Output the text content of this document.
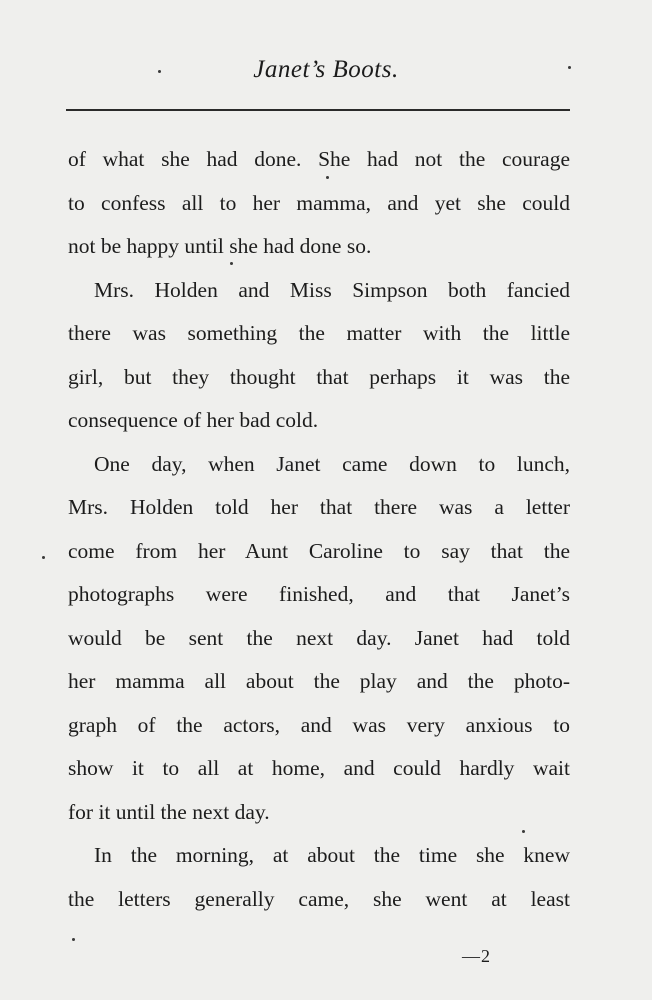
Janet’s Boots.
of what she had done. She had not the courage
to confess all to her mamma, and yet she could
not be happy until she had done so.
Mrs. Holden and Miss Simpson both fancied
there was something the matter with the little
girl, but they thought that perhaps it was the
consequence of her bad cold.
One day, when Janet came down to lunch,
Mrs. Holden told her that there was a letter
come from her Aunt Caroline to say that the
photographs were finished, and that Janet’s
would be sent the next day. Janet had told
her mamma all about the play and the photo-
graph of the actors, and was very anxious to
show it to all at home, and could hardly wait
for it until the next day.
In the morning, at about the time she knew
the letters generally came, she went at least
—2
